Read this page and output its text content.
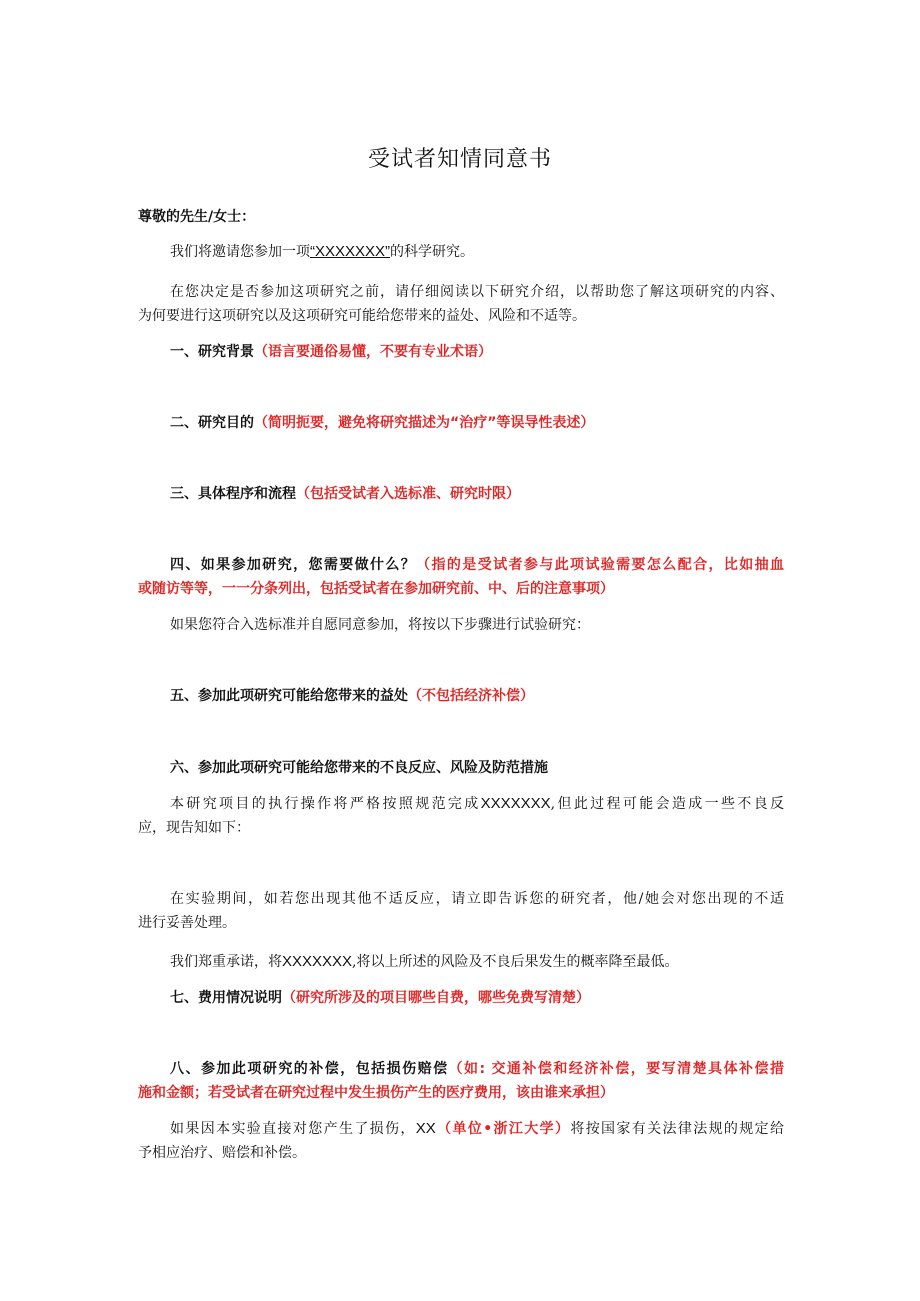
受试者知情同意书
尊敬的先生/女士：
我们将邀请您参加一项“XXXXXXX”的科学研究。
在您决定是否参加这项研究之前，请仔细阅读以下研究介绍，以帮助您了解这项研究的内容、
为何要进行这项研究以及这项研究可能给您带来的益处、风险和不适等。
一、研究背景（语言要通俗易懂，不要有专业术语）
二、研究目的（简明扼要，避免将研究描述为“治疗”等误导性表述）
三、具体程序和流程（包括受试者入选标准、研究时限）
四、如果参加研究，您需要做什么？（指的是受试者参与此项试验需要怎么配合，比如抽血
或随访等等，一一分条列出，包括受试者在参加研究前、中、后的注意事项）
如果您符合入选标准并自愿同意参加，将按以下步骤进行试验研究：
五、参加此项研究可能给您带来的益处（不包括经济补偿）
六、参加此项研究可能给您带来的不良反应、风险及防范措施
本研究项目的执行操作将严格按照规范完成XXXXXXX,但此过程可能会造成一些不良反
应，现告知如下：
在实验期间，如若您出现其他不适反应，请立即告诉您的研究者，他/她会对您出现的不适
进行妥善处理。
我们郑重承诺，将XXXXXXX,将以上所述的风险及不良后果发生的概率降至最低。
七、费用情况说明（研究所涉及的项目哪些自费，哪些免费写清楚）
八、参加此项研究的补偿，包括损伤赔偿（如: 交通补偿和经济补偿，要写清楚具体补偿措
施和金额；若受试者在研究过程中发生损伤产生的医疗费用，该由谁来承担）
如果因本实验直接对您产生了损伤，XX（单位•浙江大学）将按国家有关法律法规的规定给
予相应治疗、赔偿和补偿。
